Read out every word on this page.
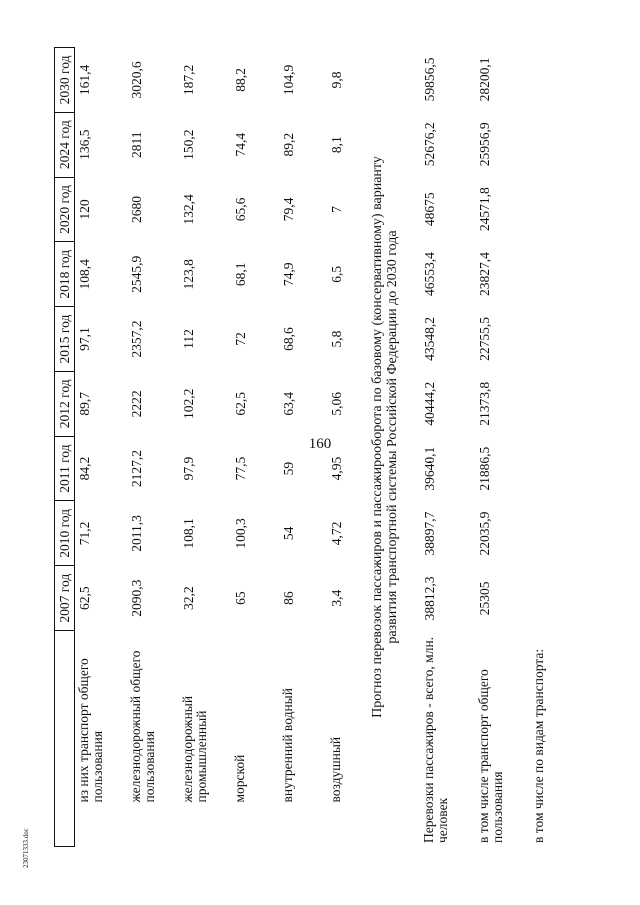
160
23071333.doc
	2007 год	2010 год	2011 год	2012 год	2015 год	2018 год	2020 год	2024 год	2030 год
из них транспорт общего пользования	62,5	71,2	84,2	89,7	97,1	108,4	120	136,5	161,4
железнодорожный общего пользования	2090,3	2011,3	2127,2	2222	2357,2	2545,9	2680	2811	3020,6
железнодорожный промышленный	32,2	108,1	97,9	102,2	112	123,8	132,4	150,2	187,2
морской	65	100,3	77,5	62,5	72	68,1	65,6	74,4	88,2
внутренний водный	86	54	59	63,4	68,6	74,9	79,4	89,2	104,9
воздушный	3,4	4,72	4,95	5,06	5,8	6,5	7	8,1	9,8
Прогноз перевозок пассажиров и пассажирооборота по базовому (консервативному) варианту развития транспортной системы Российской Федерации до 2030 года
Перевозки пассажиров - всего, млн. человек	38812,3	38897,7	39640,1	40444,2	43548,2	46553,4	48675	52676,2	59856,5
в том числе транспорт общего пользования	25305	22035,9	21886,5	21373,8	22755,5	23827,4	24571,8	25956,9	28200,1
в том числе по видам транспорта:									
